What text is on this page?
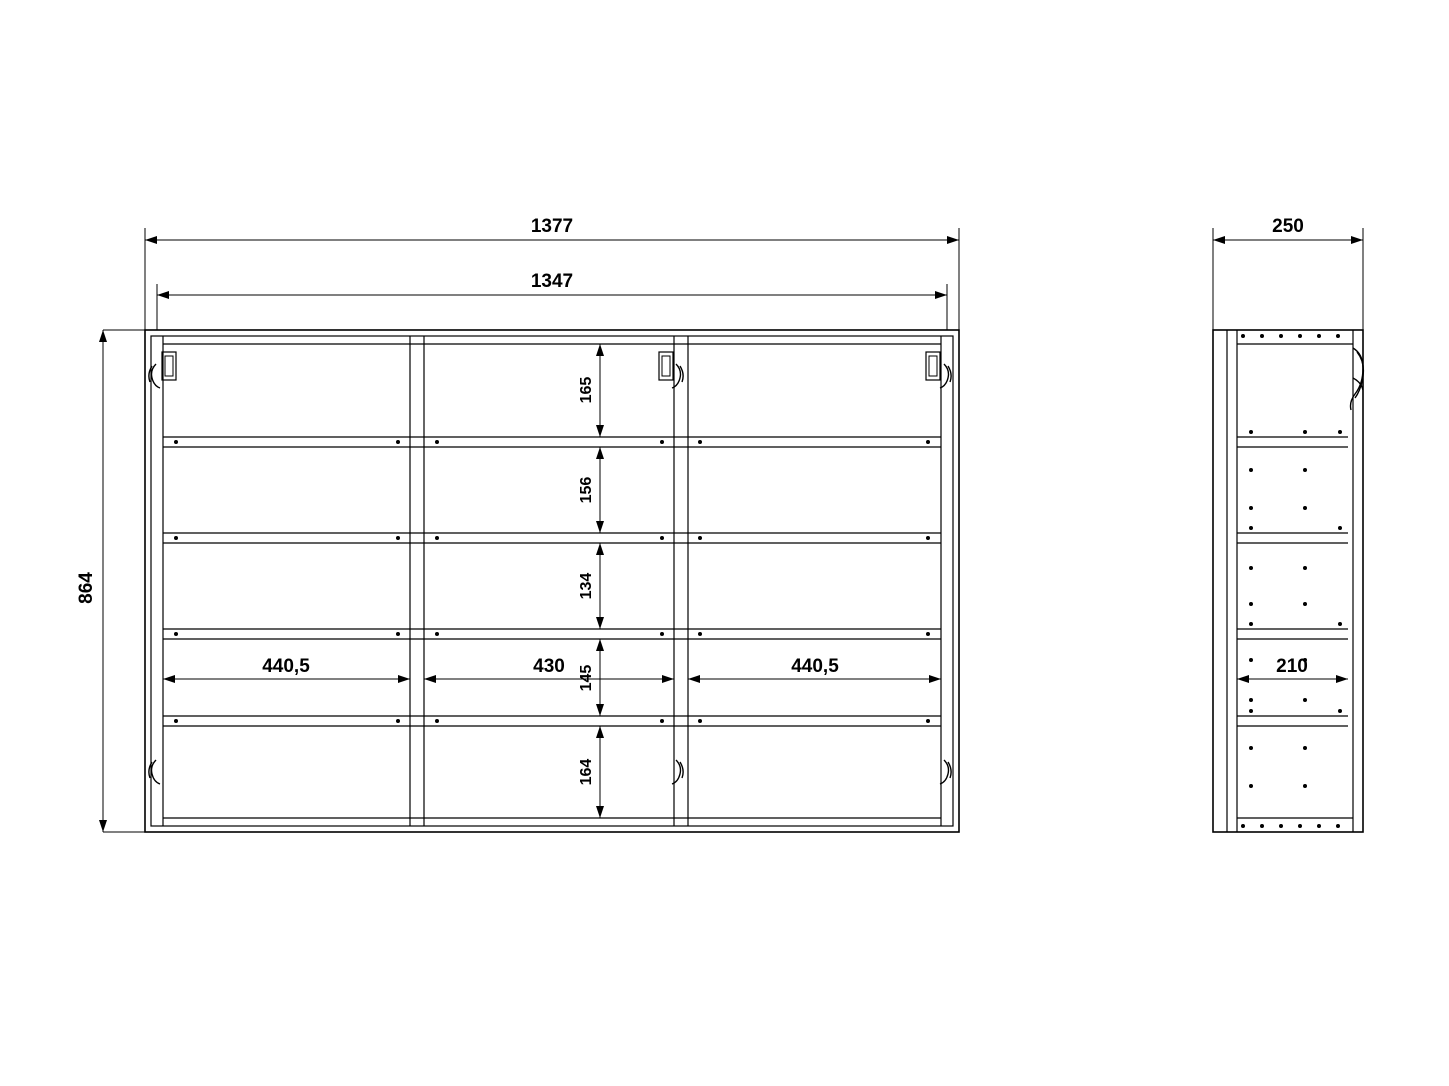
1377
1347
864
165
156
134
145
164
440,5	430	440,5
250
210
